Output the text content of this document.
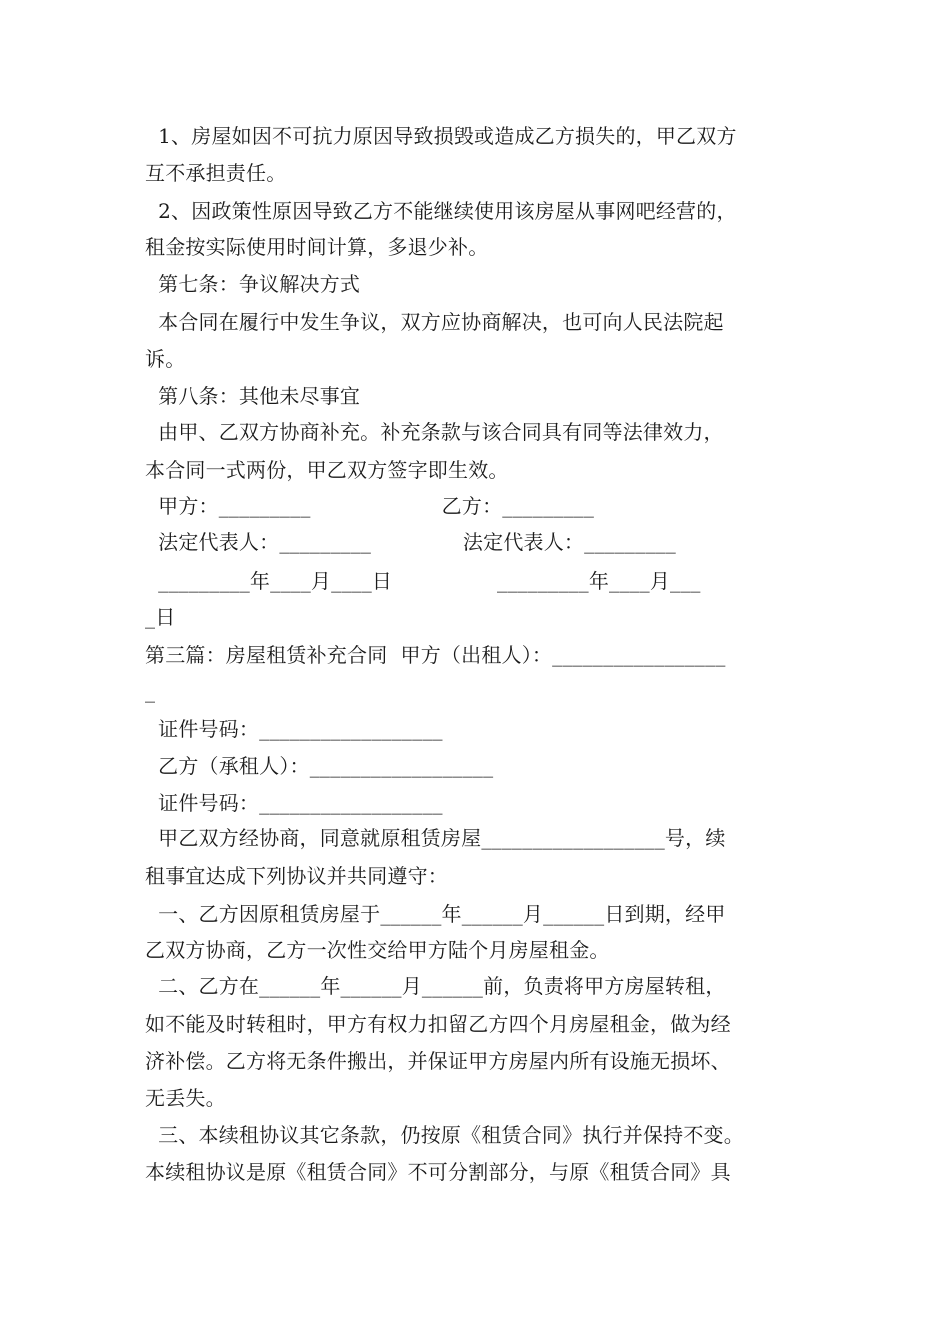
1、房屋如因不可抗力原因导致损毁或造成乙方损失的，甲乙双方
互不承担责任。
2、因政策性原因导致乙方不能继续使用该房屋从事网吧经营的，
租金按实际使用时间计算，多退少补。
第七条：争议解决方式
本合同在履行中发生争议，双方应协商解决，也可向人民法院起
诉。
第八条：其他未尽事宜
由甲、乙双方协商补充。补充条款与该合同具有同等法律效力，
本合同一式两份，甲乙双方签字即生效。
甲方：_________                    乙方：_________
法定代表人：_________              法定代表人：_________
_________年____月____日                _________年____月___
_日
第三篇：房屋租赁补充合同  甲方（出租人）：_________________
_
证件号码：__________________
乙方（承租人）：__________________
证件号码：__________________
甲乙双方经协商，同意就原租赁房屋__________________号，续
租事宜达成下列协议并共同遵守：
一、乙方因原租赁房屋于______年______月______日到期，经甲
乙双方协商，乙方一次性交给甲方陆个月房屋租金。
二、乙方在______年______月______前，负责将甲方房屋转租，
如不能及时转租时，甲方有权力扣留乙方四个月房屋租金，做为经
济补偿。乙方将无条件搬出，并保证甲方房屋内所有设施无损坏、
无丢失。
三、本续租协议其它条款，仍按原《租赁合同》执行并保持不变。
本续租协议是原《租赁合同》不可分割部分，与原《租赁合同》具
